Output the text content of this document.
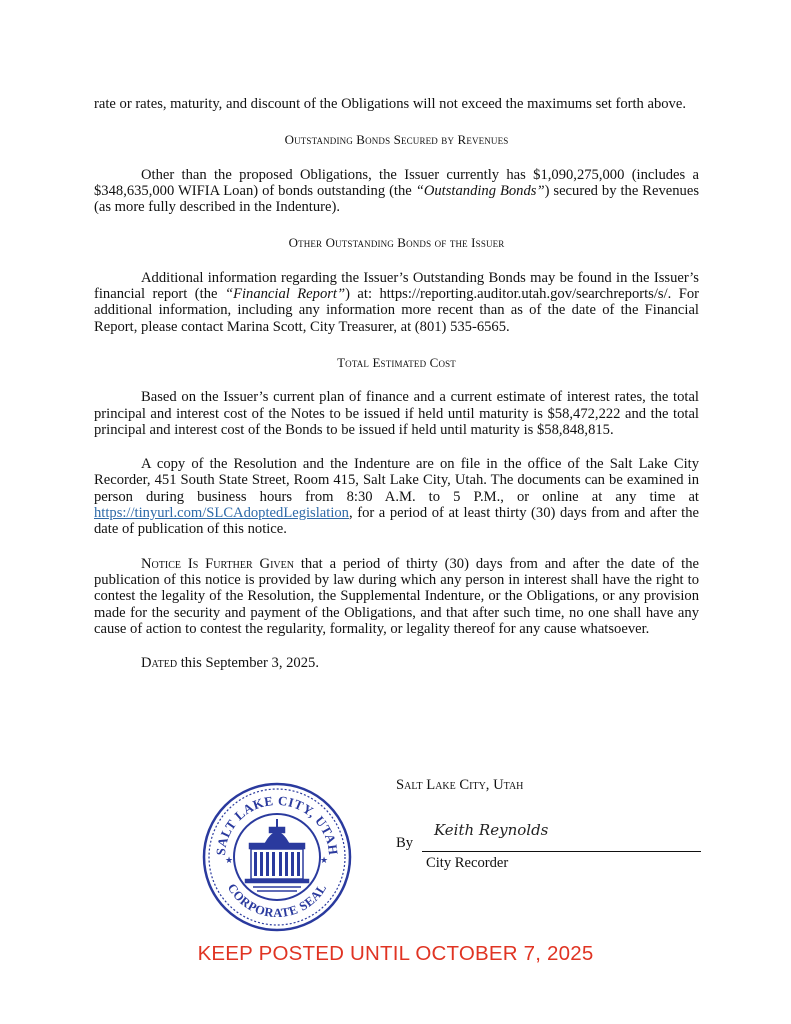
rate or rates, maturity, and discount of the Obligations will not exceed the maximums set forth above.

Outstanding Bonds Secured by Revenues

Other than the proposed Obligations, the Issuer currently has $1,090,275,000 (includes a $348,635,000 WIFIA Loan) of bonds outstanding (the “Outstanding Bonds”) secured by the Revenues (as more fully described in the Indenture).

Other Outstanding Bonds of the Issuer

Additional information regarding the Issuer’s Outstanding Bonds may be found in the Issuer’s financial report (the “Financial Report”) at: https://reporting.auditor.utah.gov/searchreports/s/. For additional information, including any information more recent than as of the date of the Financial Report, please contact Marina Scott, City Treasurer, at (801) 535-6565.

Total Estimated Cost

Based on the Issuer’s current plan of finance and a current estimate of interest rates, the total principal and interest cost of the Notes to be issued if held until maturity is $58,472,222 and the total principal and interest cost of the Bonds to be issued if held until maturity is $58,848,815.

A copy of the Resolution and the Indenture are on file in the office of the Salt Lake City Recorder, 451 South State Street, Room 415, Salt Lake City, Utah. The documents can be examined in person during business hours from 8:30 A.M. to 5 P.M., or online at any time at https://tinyurl.com/SLCAdoptedLegislation, for a period of at least thirty (30) days from and after the date of publication of this notice.

Notice Is Further Given that a period of thirty (30) days from and after the date of the publication of this notice is provided by law during which any person in interest shall have the right to contest the legality of the Resolution, the Supplemental Indenture, or the Obligations, or any provision made for the security and payment of the Obligations, and that after such time, no one shall have any cause of action to contest the regularity, formality, or legality thereof for any cause whatsoever.

Dated this September 3, 2025.

SALT LAKE CITY, UTAH
CORPORATE SEAL
★	★
Salt Lake City, Utah
By
Keith Reynolds
City Recorder
KEEP POSTED UNTIL OCTOBER 7, 2025
